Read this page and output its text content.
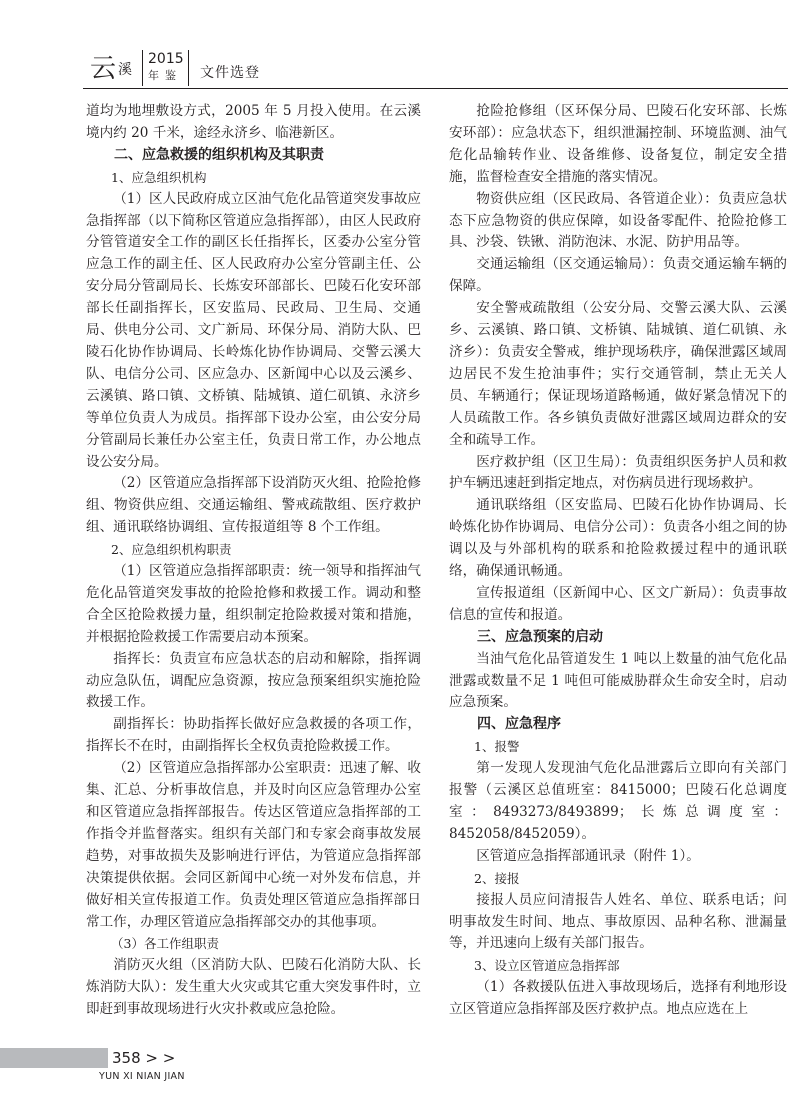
云 溪
2015
年鉴 文件选登

道均为地埋敷设方式，2005 年 5 月投入使用。在云溪境内约 20 千米，途经永济乡、临港新区。

二、应急救援的组织机构及其职责

1、应急组织机构

（1）区人民政府成立区油气危化品管道突发事故应急指挥部（以下简称区管道应急指挥部），由区人民政府分管管道安全工作的副区长任指挥长，区委办公室分管应急工作的副主任、区人民政府办公室分管副主任、公安分局分管副局长、长炼安环部部长、巴陵石化安环部部长任副指挥长，区安监局、民政局、卫生局、交通局、供电分公司、文广新局、环保分局、消防大队、巴陵石化协作协调局、长岭炼化协作协调局、交警云溪大队、电信分公司、区应急办、区新闻中心以及云溪乡、云溪镇、路口镇、文桥镇、陆城镇、道仁矶镇、永济乡等单位负责人为成员。指挥部下设办公室，由公安分局分管副局长兼任办公室主任，负责日常工作，办公地点设公安分局。

（2）区管道应急指挥部下设消防灭火组、抢险抢修组、物资供应组、交通运输组、警戒疏散组、医疗救护组、通讯联络协调组、宣传报道组等 8 个工作组。

2、应急组织机构职责

（1）区管道应急指挥部职责：统一领导和指挥油气危化品管道突发事故的抢险抢修和救援工作。调动和整合全区抢险救援力量，组织制定抢险救援对策和措施，并根据抢险救援工作需要启动本预案。

指挥长：负责宣布应急状态的启动和解除，指挥调动应急队伍，调配应急资源，按应急预案组织实施抢险救援工作。

副指挥长：协助指挥长做好应急救援的各项工作，指挥长不在时，由副指挥长全权负责抢险救援工作。

（2）区管道应急指挥部办公室职责：迅速了解、收集、汇总、分析事故信息，并及时向区应急管理办公室和区管道应急指挥部报告。传达区管道应急指挥部的工作指令并监督落实。组织有关部门和专家会商事故发展趋势，对事故损失及影响进行评估，为管道应急指挥部决策提供依据。会同区新闻中心统一对外发布信息，并做好相关宣传报道工作。负责处理区管道应急指挥部日常工作，办理区管道应急指挥部交办的其他事项。

（3）各工作组职责

消防灭火组（区消防大队、巴陵石化消防大队、长炼消防大队）：发生重大火灾或其它重大突发事件时，立即赶到事故现场进行火灾扑救或应急抢险。

抢险抢修组（区环保分局、巴陵石化安环部、长炼安环部）：应急状态下，组织泄漏控制、环境监测、油气危化品输转作业、设备维修、设备复位，制定安全措施，监督检查安全措施的落实情况。

物资供应组（区民政局、各管道企业）：负责应急状态下应急物资的供应保障，如设备零配件、抢险抢修工具、沙袋、铁锹、消防泡沫、水泥、防护用品等。

交通运输组（区交通运输局）：负责交通运输车辆的保障。

安全警戒疏散组（公安分局、交警云溪大队、云溪乡、云溪镇、路口镇、文桥镇、陆城镇、道仁矶镇、永济乡）：负责安全警戒，维护现场秩序，确保泄露区域周边居民不发生抢油事件；实行交通管制，禁止无关人员、车辆通行；保证现场道路畅通，做好紧急情况下的人员疏散工作。各乡镇负责做好泄露区域周边群众的安全和疏导工作。

医疗救护组（区卫生局）：负责组织医务护人员和救护车辆迅速赶到指定地点，对伤病员进行现场救护。

通讯联络组（区安监局、巴陵石化协作协调局、长岭炼化协作协调局、电信分公司）：负责各小组之间的协调以及与外部机构的联系和抢险救援过程中的通讯联络，确保通讯畅通。

宣传报道组（区新闻中心、区文广新局）：负责事故信息的宣传和报道。

三、应急预案的启动

当油气危化品管道发生 1 吨以上数量的油气危化品泄露或数量不足 1 吨但可能威胁群众生命安全时，启动应急预案。

四、应急程序

1、报警

第一发现人发现油气危化品泄露后立即向有关部门报警（云溪区总值班室：8415000；巴陵石化总调度室：8493273/8493899；长炼总调度室：8452058/8452059）。

区管道应急指挥部通讯录（附件 1）。

2、接报

接报人员应问清报告人姓名、单位、联系电话；问明事故发生时间、地点、事故原因、品种名称、泄漏量等，并迅速向上级有关部门报告。

3、设立区管道应急指挥部

（1）各救援队伍进入事故现场后，选择有利地形设立区管道应急指挥部及医疗救护点。地点应选在上

358 > >
YUN XI NIAN JIAN
